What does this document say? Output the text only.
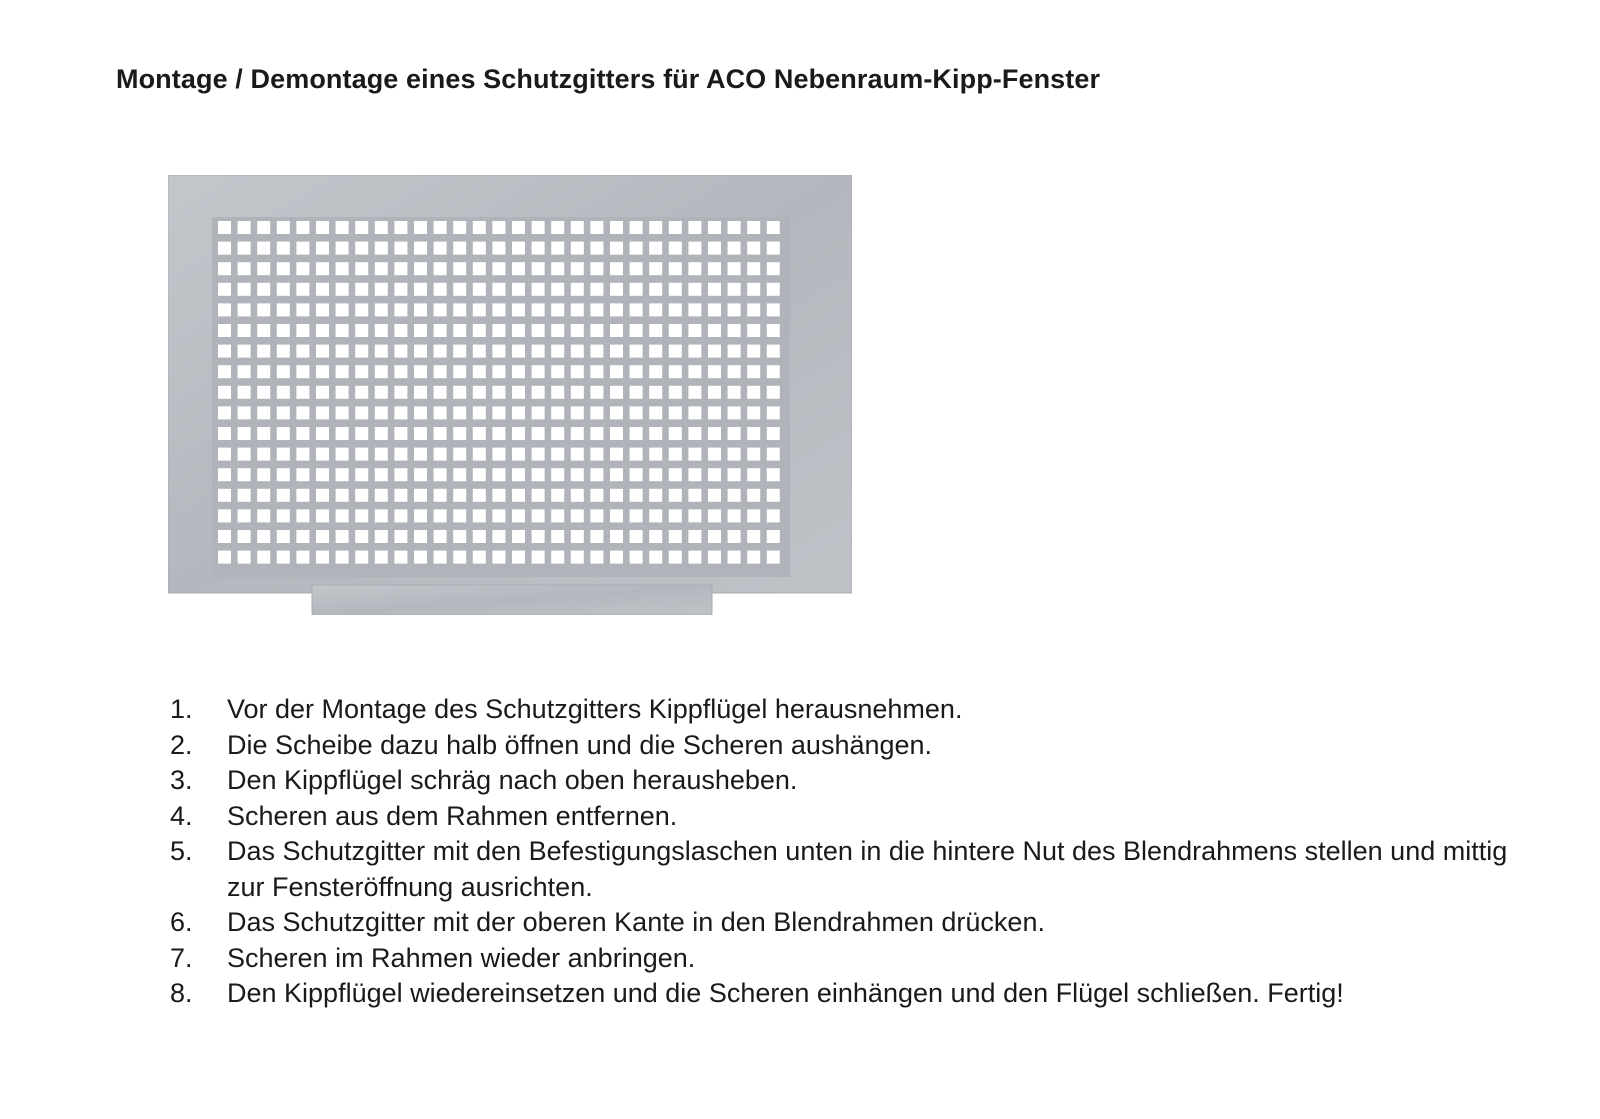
Montage / Demontage eines Schutzgitters für ACO Nebenraum-Kipp-Fenster
1.	Vor der Montage des Schutzgitters Kippflügel herausnehmen.
2.	Die Scheibe dazu halb öffnen und die Scheren aushängen.
3.	Den Kippflügel schräg nach oben herausheben.
4.	Scheren aus dem Rahmen entfernen.
5.	Das Schutzgitter mit den Befestigungslaschen unten in die hintere Nut des Blendrahmens stellen und mittig zur Fensteröffnung ausrichten.
6.	Das Schutzgitter mit der oberen Kante in den Blendrahmen drücken.
7.	Scheren im Rahmen wieder anbringen.
8.	Den Kippflügel wiedereinsetzen und die Scheren einhängen und den Flügel schließen. Fertig!
